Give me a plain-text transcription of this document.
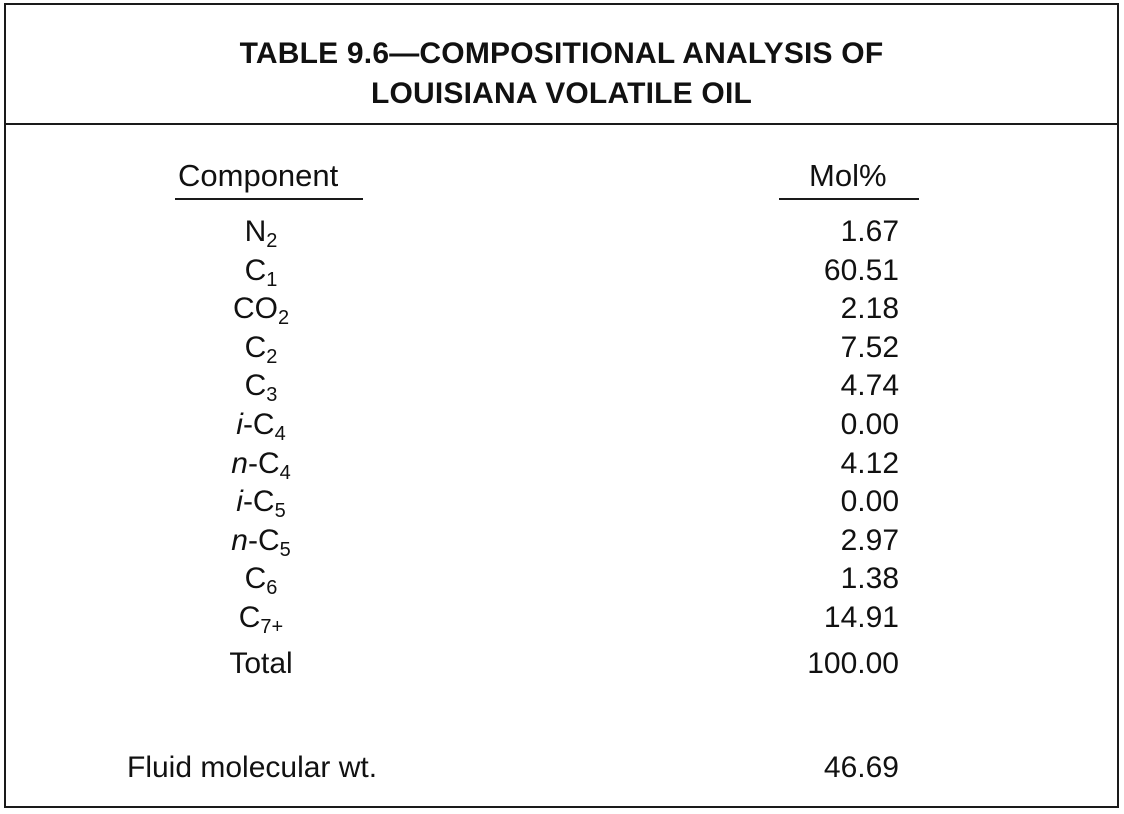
TABLE 9.6—COMPOSITIONAL ANALYSIS OF
LOUISIANA VOLATILE OIL
Component	Mol%
$N_2$	1.67
$C_1$	60.51
$CO_2$	2.18
$C_2$	7.52
$C_3$	4.74
$i-C_4$	0.00
$n-C_4$	4.12
$i-C_5$	0.00
$n-C_5$	2.97
$C_6$	1.38
$C_{7+}$	14.91
Total	100.00
Fluid molecular wt.	46.69
